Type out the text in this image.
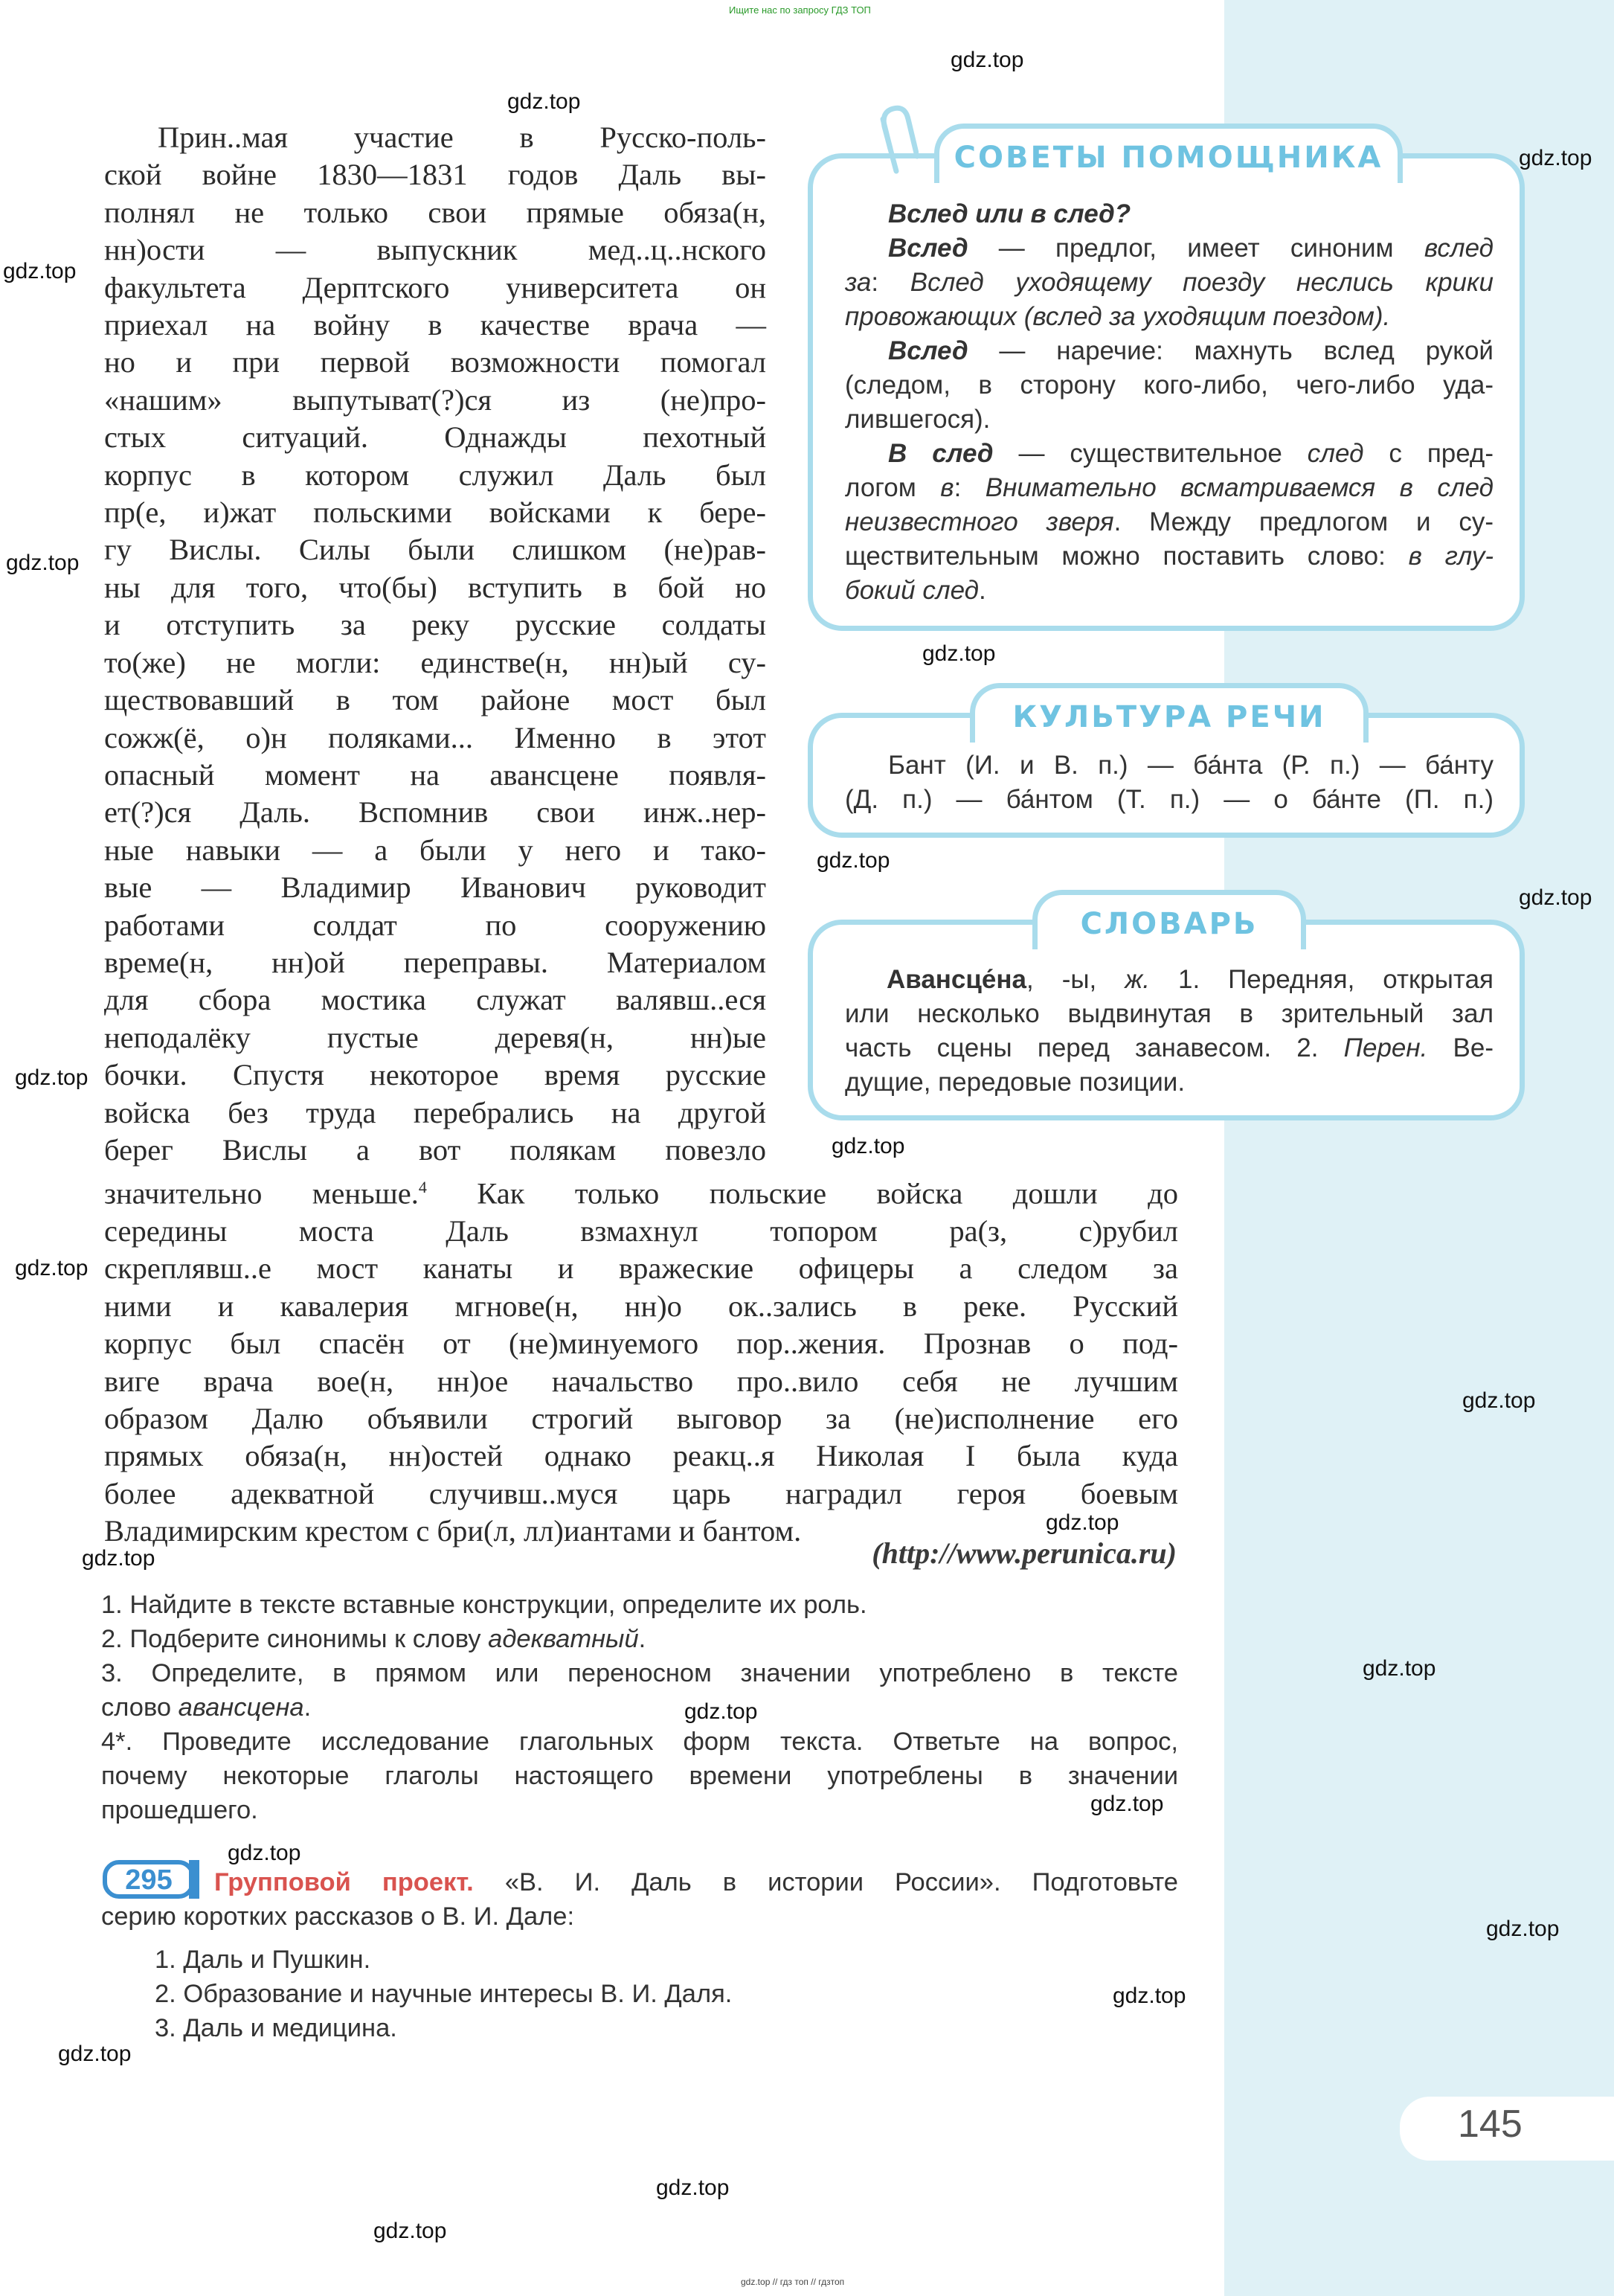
145
Ищите нас по запросу ГДЗ ТОП
gdz.top // гдз топ // гдзтоп
gdz.top
gdz.top
gdz.top
gdz.top
gdz.top
gdz.top
gdz.top
gdz.top
gdz.top
gdz.top
gdz.top
gdz.top
gdz.top
gdz.top
gdz.top
gdz.top
gdz.top
gdz.top
gdz.top
gdz.top
gdz.top
gdz.top
gdz.top
Прин..мая участие в Русско-поль-
ской войне 1830—1831 годов Даль вы-
полнял не только свои прямые обяза(н,
нн)ости — выпускник мед..ц..нского
факультета Дерптского университета он
приехал на войну в качестве врача —
но и при первой возможности помогал
«нашим» выпутыват(?)ся из (не)про-
стых ситуаций. Однажды пехотный
корпус в котором служил Даль был
пр(е, и)жат польскими войсками к бере-
гу Вислы. Силы были слишком (не)рав-
ны для того, что(бы) вступить в бой но
и отступить за реку русские солдаты
то(же) не могли: единстве(н, нн)ый су-
ществовавший в том районе мост был
сожж(ё, о)н поляками... Именно в этот
опасный момент на авансцене появля-
ет(?)ся Даль. Вспомнив свои инж..нер-
ные навыки — а были у него и тако-
вые — Владимир Иванович руководит
работами солдат по сооружению
време(н, нн)ой переправы. Материалом
для сбора мостика служат валявш..еся
неподалёку пустые деревя(н, нн)ые
бочки. Спустя некоторое время русские
войска без труда перебрались на другой
берег Вислы а вот полякам повезло
значительно меньше.$^4$ Как только польские войска дошли до
середины моста Даль взмахнул топором ра(з, с)рубил
скреплявш..е мост канаты и вражеские офицеры а следом за
ними и кавалерия мгнове(н, нн)о ок..зались в реке. Русский
корпус был спасён от (не)минуемого пор..жения. Прознав о под-
виге врача вое(н, нн)ое начальство про..вило себя не лучшим
образом Далю объявили строгий выговор за (не)исполнение его
прямых обяза(н, нн)остей однако реакц..я Николая I была куда
более адекватной случивш..муся царь наградил героя боевым
Владимирским крестом с бри(л, лл)иантами и бантом.
(http://www.perunica.ru)
СОВЕТЫ ПОМОЩНИКА

Вслед или в след?

Вслед — предлог, имеет синоним вслед
за: Вслед уходящему поезду неслись крики

провожающих (вслед за уходящим поездом).

Вслед — наречие: махнуть вслед рукой
(следом, в сторону кого-либо, чего-либо уда-

лившегося).

В след — существительное след с пред-
логом в: Внимательно всматриваемся в след
неизвестного зверя. Между предлогом и су-
ществительным можно поставить слово: в глу-

бокий след.

КУЛЬТУРА РЕЧИ
Бант (И. и В. п.) — ба́нта (Р. п.) — ба́нту
(Д. п.) — ба́нтом (Т. п.) — о ба́нте (П. п.)
СЛОВАРЬ
Авансце́на, -ы, ж. 1. Передняя, открытая
или несколько выдвинутая в зрительный зал
часть сцены перед занавесом. 2. Перен. Ве-

дущие, передовые позиции.

1. Найдите в тексте вставные конструкции, определите их роль.

2. Подберите синонимы к слову адекватный.

3. Определите, в прямом или переносном значении употреблено в тексте

слово авансцена.

4*. Проведите исследование глагольных форм текста. Ответьте на вопрос,
почему некоторые глаголы настоящего времени употреблены в значении

прошедшего.

295	Групповой проект. «В. И. Даль в истории России». Подготовьте

серию коротких рассказов о В. И. Дале:

1. Даль и Пушкин.

2. Образование и научные интересы В. И. Даля.

3. Даль и медицина.
